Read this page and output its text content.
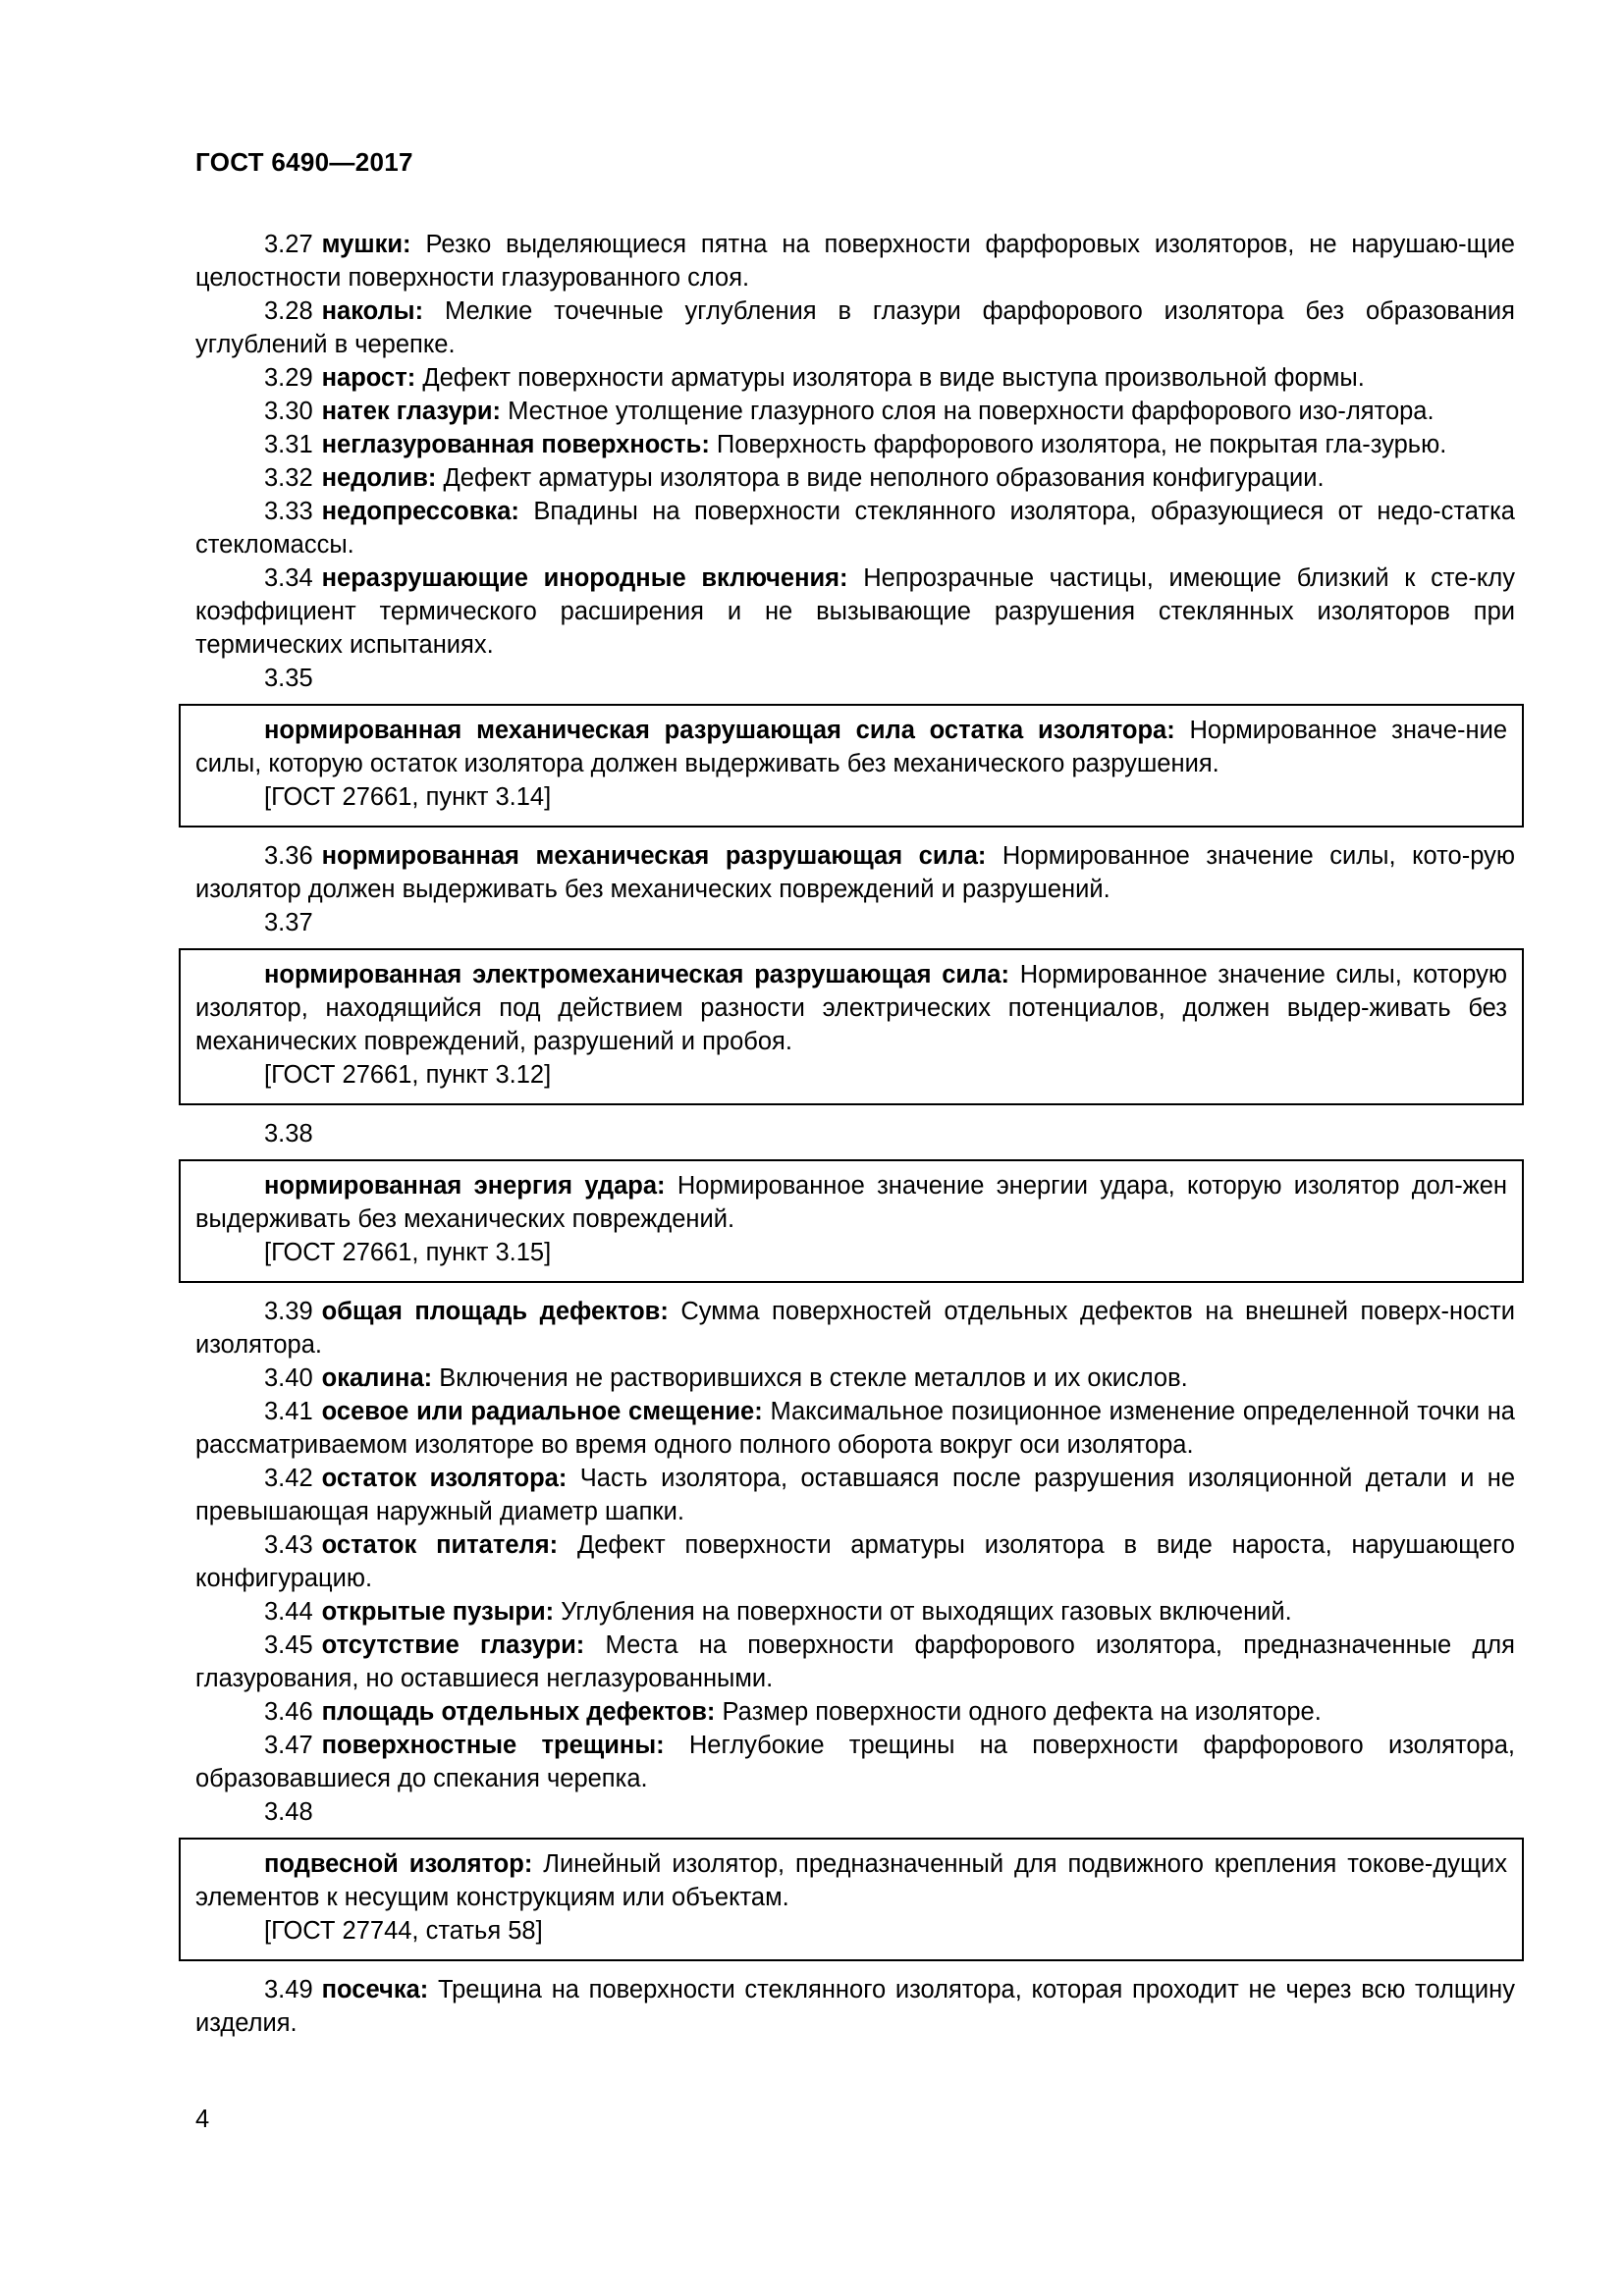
ГОСТ 6490—2017

3.27 мушки: Резко выделяющиеся пятна на поверхности фарфоровых изоляторов, не нарушаю-щие целостности поверхности глазурованного слоя.

3.28 наколы: Мелкие точечные углубления в глазури фарфорового изолятора без образования углублений в черепке.

3.29 нарост: Дефект поверхности арматуры изолятора в виде выступа произвольной формы.

3.30 натек глазури: Местное утолщение глазурного слоя на поверхности фарфорового изо-лятора.

3.31 неглазурованная поверхность: Поверхность фарфорового изолятора, не покрытая гла-зурью.

3.32 недолив: Дефект арматуры изолятора в виде неполного образования конфигурации.

3.33 недопрессовка: Впадины на поверхности стеклянного изолятора, образующиеся от недо-статка стекломассы.

3.34 неразрушающие инородные включения: Непрозрачные частицы, имеющие близкий к сте-клу коэффициент термического расширения и не вызывающие разрушения стеклянных изоляторов при термических испытаниях.

3.35

нормированная механическая разрушающая сила остатка изолятора: Нормированное значе-ние силы, которую остаток изолятора должен выдерживать без механического разрушения.

[ГОСТ 27661, пункт 3.14]

3.36 нормированная механическая разрушающая сила: Нормированное значение силы, кото-рую изолятор должен выдерживать без механических повреждений и разрушений.

3.37

нормированная электромеханическая разрушающая сила: Нормированное значение силы, которую изолятор, находящийся под действием разности электрических потенциалов, должен выдер-живать без механических повреждений, разрушений и пробоя.

[ГОСТ 27661, пункт 3.12]

3.38

нормированная энергия удара: Нормированное значение энергии удара, которую изолятор дол-жен выдерживать без механических повреждений.

[ГОСТ 27661, пункт 3.15]

3.39 общая площадь дефектов: Сумма поверхностей отдельных дефектов на внешней поверх-ности изолятора.

3.40 окалина: Включения не растворившихся в стекле металлов и их окислов.

3.41 осевое или радиальное смещение: Максимальное позиционное изменение определенной точки на рассматриваемом изоляторе во время одного полного оборота вокруг оси изолятора.

3.42 остаток изолятора: Часть изолятора, оставшаяся после разрушения изоляционной детали и не превышающая наружный диаметр шапки.

3.43 остаток питателя: Дефект поверхности арматуры изолятора в виде нароста, нарушающего конфигурацию.

3.44 открытые пузыри: Углубления на поверхности от выходящих газовых включений.

3.45 отсутствие глазури: Места на поверхности фарфорового изолятора, предназначенные для глазурования, но оставшиеся неглазурованными.

3.46 площадь отдельных дефектов: Размер поверхности одного дефекта на изоляторе.

3.47 поверхностные трещины: Неглубокие трещины на поверхности фарфорового изолятора, образовавшиеся до спекания черепка.

3.48

подвесной изолятор: Линейный изолятор, предназначенный для подвижного крепления токове-дущих элементов к несущим конструкциям или объектам.

[ГОСТ 27744, статья 58]

3.49 посечка: Трещина на поверхности стеклянного изолятора, которая проходит не через всю толщину изделия.

4
